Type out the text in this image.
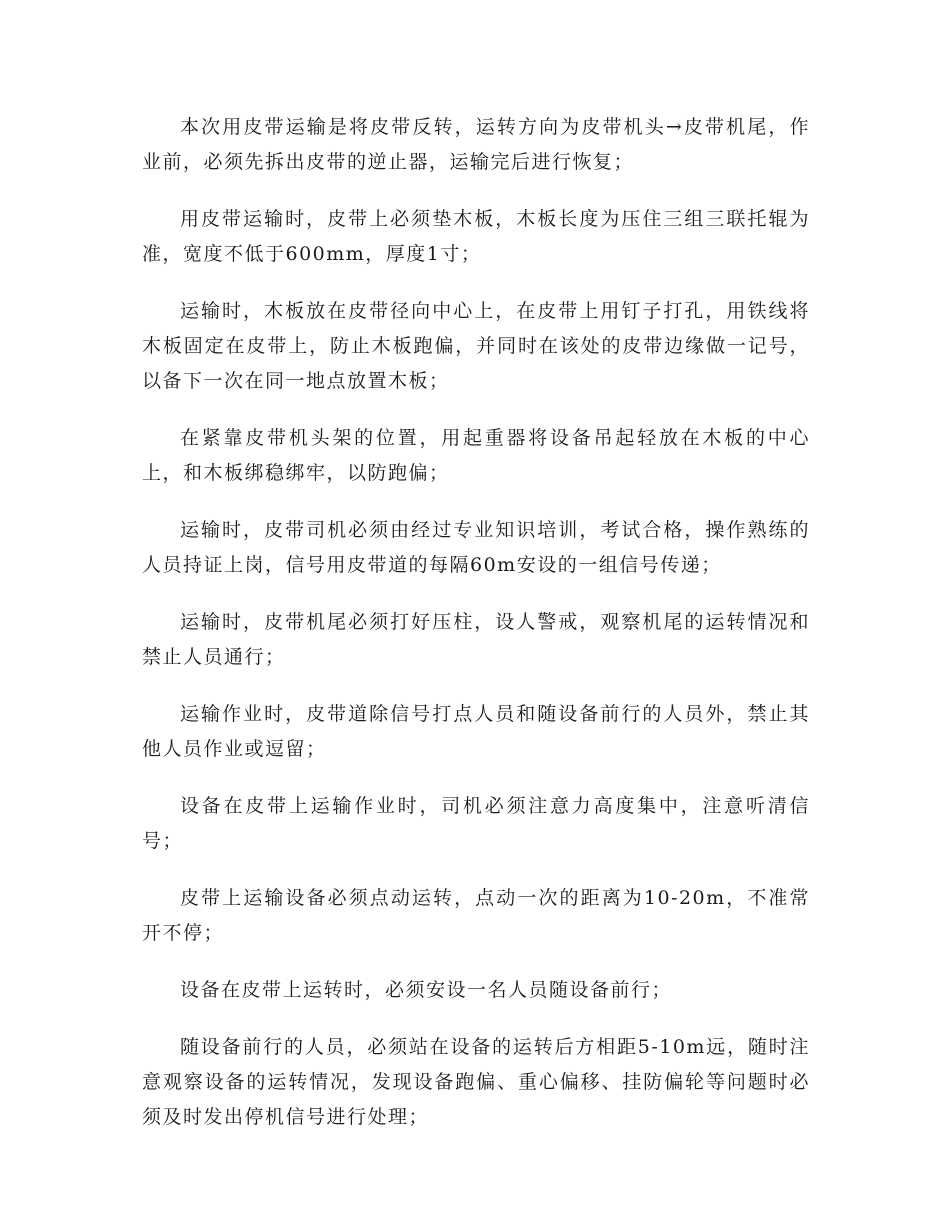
本次用皮带运输是将皮带反转，运转方向为皮带机头→皮带机尾，作业前，必须先拆出皮带的逆止器，运输完后进行恢复；

用皮带运输时，皮带上必须垫木板，木板长度为压住三组三联托辊为准，宽度不低于600mm，厚度1寸；

运输时，木板放在皮带径向中心上，在皮带上用钉子打孔，用铁线将木板固定在皮带上，防止木板跑偏，并同时在该处的皮带边缘做一记号，以备下一次在同一地点放置木板；

在紧靠皮带机头架的位置，用起重器将设备吊起轻放在木板的中心上，和木板绑稳绑牢，以防跑偏；

运输时，皮带司机必须由经过专业知识培训，考试合格，操作熟练的人员持证上岗，信号用皮带道的每隔60m安设的一组信号传递；

运输时，皮带机尾必须打好压柱，设人警戒，观察机尾的运转情况和禁止人员通行；

运输作业时，皮带道除信号打点人员和随设备前行的人员外，禁止其他人员作业或逗留；

设备在皮带上运输作业时，司机必须注意力高度集中，注意听清信号；

皮带上运输设备必须点动运转，点动一次的距离为10-20m，不准常开不停；

设备在皮带上运转时，必须安设一名人员随设备前行；

随设备前行的人员，必须站在设备的运转后方相距5-10m远，随时注意观察设备的运转情况，发现设备跑偏、重心偏移、挂防偏轮等问题时必须及时发出停机信号进行处理；
